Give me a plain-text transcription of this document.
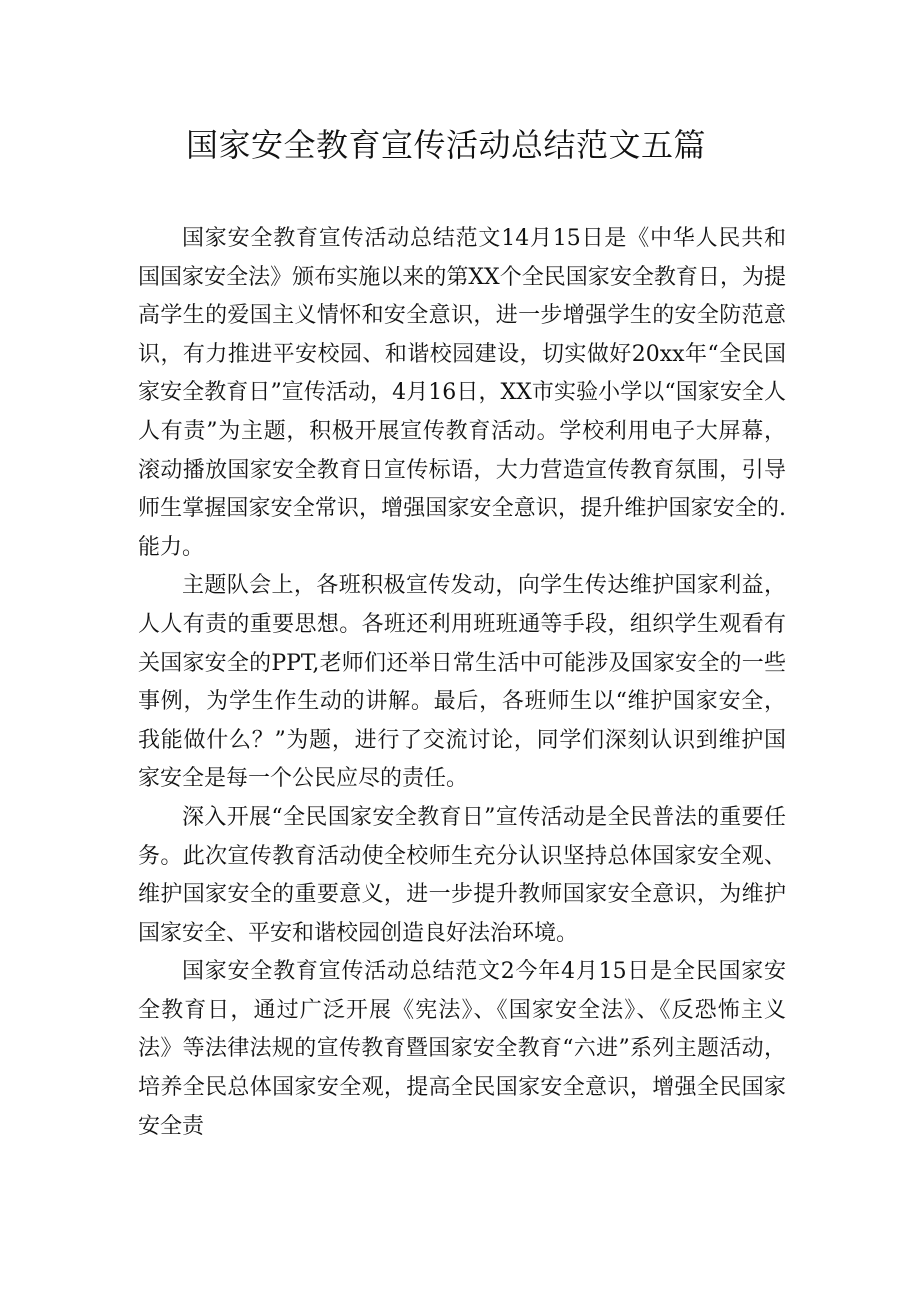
国家安全教育宣传活动总结范文五篇

国家安全教育宣传活动总结范文14月15日是《中华人民共和国国家安全法》颁布实施以来的第XX个全民国家安全教育日，为提高学生的爱国主义情怀和安全意识，进一步增强学生的安全防范意识，有力推进平安校园、和谐校园建设，切实做好20xx年“全民国家安全教育日”宣传活动，4月16日，XX市实验小学以“国家安全人人有责”为主题，积极开展宣传教育活动。学校利用电子大屏幕，滚动播放国家安全教育日宣传标语，大力营造宣传教育氛围，引导师生掌握国家安全常识，增强国家安全意识，提升维护国家安全的.能力。

主题队会上，各班积极宣传发动，向学生传达维护国家利益，人人有责的重要思想。各班还利用班班通等手段，组织学生观看有关国家安全的PPT,老师们还举日常生活中可能涉及国家安全的一些事例，为学生作生动的讲解。最后，各班师生以“维护国家安全，我能做什么？”为题，进行了交流讨论，同学们深刻认识到维护国家安全是每一个公民应尽的责任。

深入开展“全民国家安全教育日”宣传活动是全民普法的重要任务。此次宣传教育活动使全校师生充分认识坚持总体国家安全观、维护国家安全的重要意义，进一步提升教师国家安全意识，为维护国家安全、平安和谐校园创造良好法治环境。

国家安全教育宣传活动总结范文2今年4月15日是全民国家安全教育日，通过广泛开展《宪法》、《国家安全法》、《反恐怖主义法》等法律法规的宣传教育暨国家安全教育“六进”系列主题活动，培养全民总体国家安全观，提高全民国家安全意识，增强全民国家安全责
